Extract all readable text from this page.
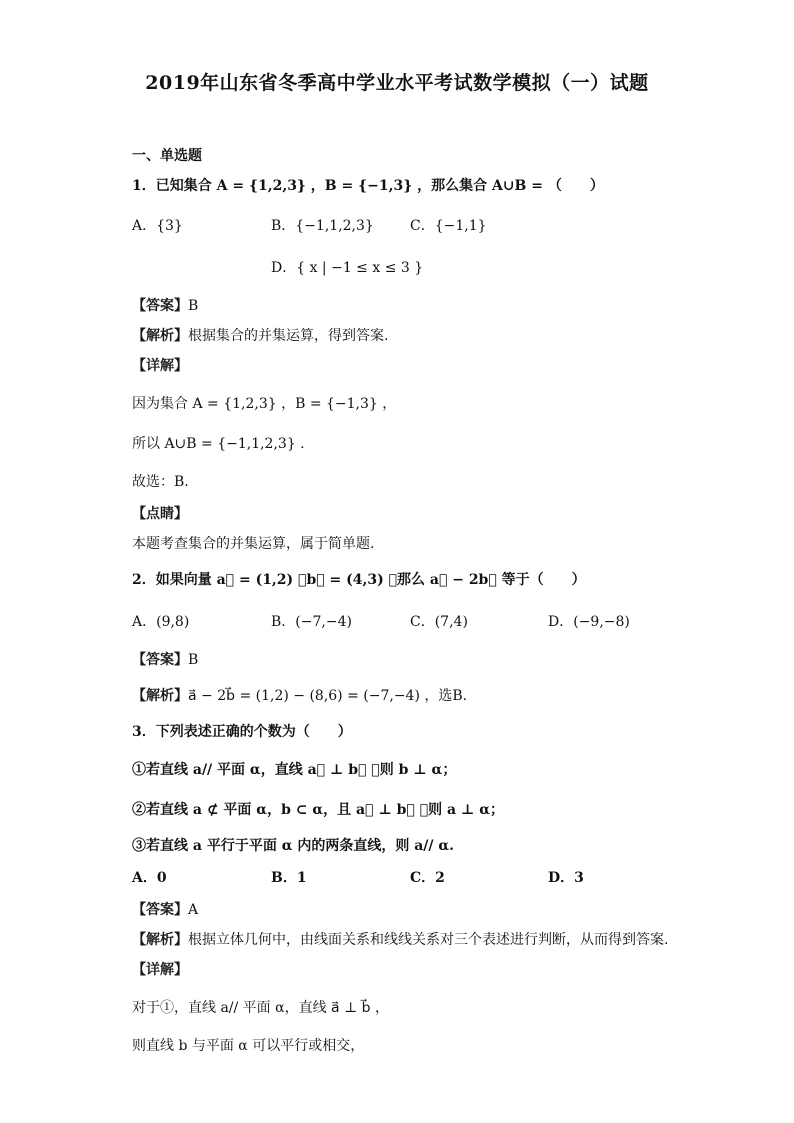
2019年山东省冬季高中学业水平考试数学模拟（一）试题
一、单选题
1．已知集合 A = {1,2,3} ，B = {−1,3} ，那么集合 A∪B = （　　）
A．{3}	B．{−1,1,2,3}	C．{−1,1}
D．{ x | −1 ≤ x ≤ 3 }
【答案】B
【解析】根据集合的并集运算，得到答案.
【详解】
因为集合 A = {1,2,3} ，B = {−1,3} ，
所以 A∪B = {−1,1,2,3} .
故选：B.
【点睛】
本题考查集合的并集运算，属于简单题.
2．如果向量 a⃗ = (1,2) ，b⃗ = (4,3) ，那么 a⃗ − 2b⃗ 等于（　　）
A．(9,8)	B．(−7,−4)	C．(7,4)	D．(−9,−8)
【答案】B
【解析】a⃗ − 2b⃗ = (1,2) − (8,6) = (−7,−4) ，选B.
3．下列表述正确的个数为（　　）
①若直线 a// 平面 α，直线 a⃗ ⊥ b⃗ ，则 b ⊥ α；
②若直线 a ⊄ 平面 α，b ⊂ α，且 a⃗ ⊥ b⃗ ，则 a ⊥ α；
③若直线 a 平行于平面 α 内的两条直线，则 a// α.
A．0	B．1	C．2	D．3
【答案】A
【解析】根据立体几何中，由线面关系和线线关系对三个表述进行判断，从而得到答案.
【详解】
对于①，直线 a// 平面 α，直线 a⃗ ⊥ b⃗ ，
则直线 b 与平面 α 可以平行或相交，
